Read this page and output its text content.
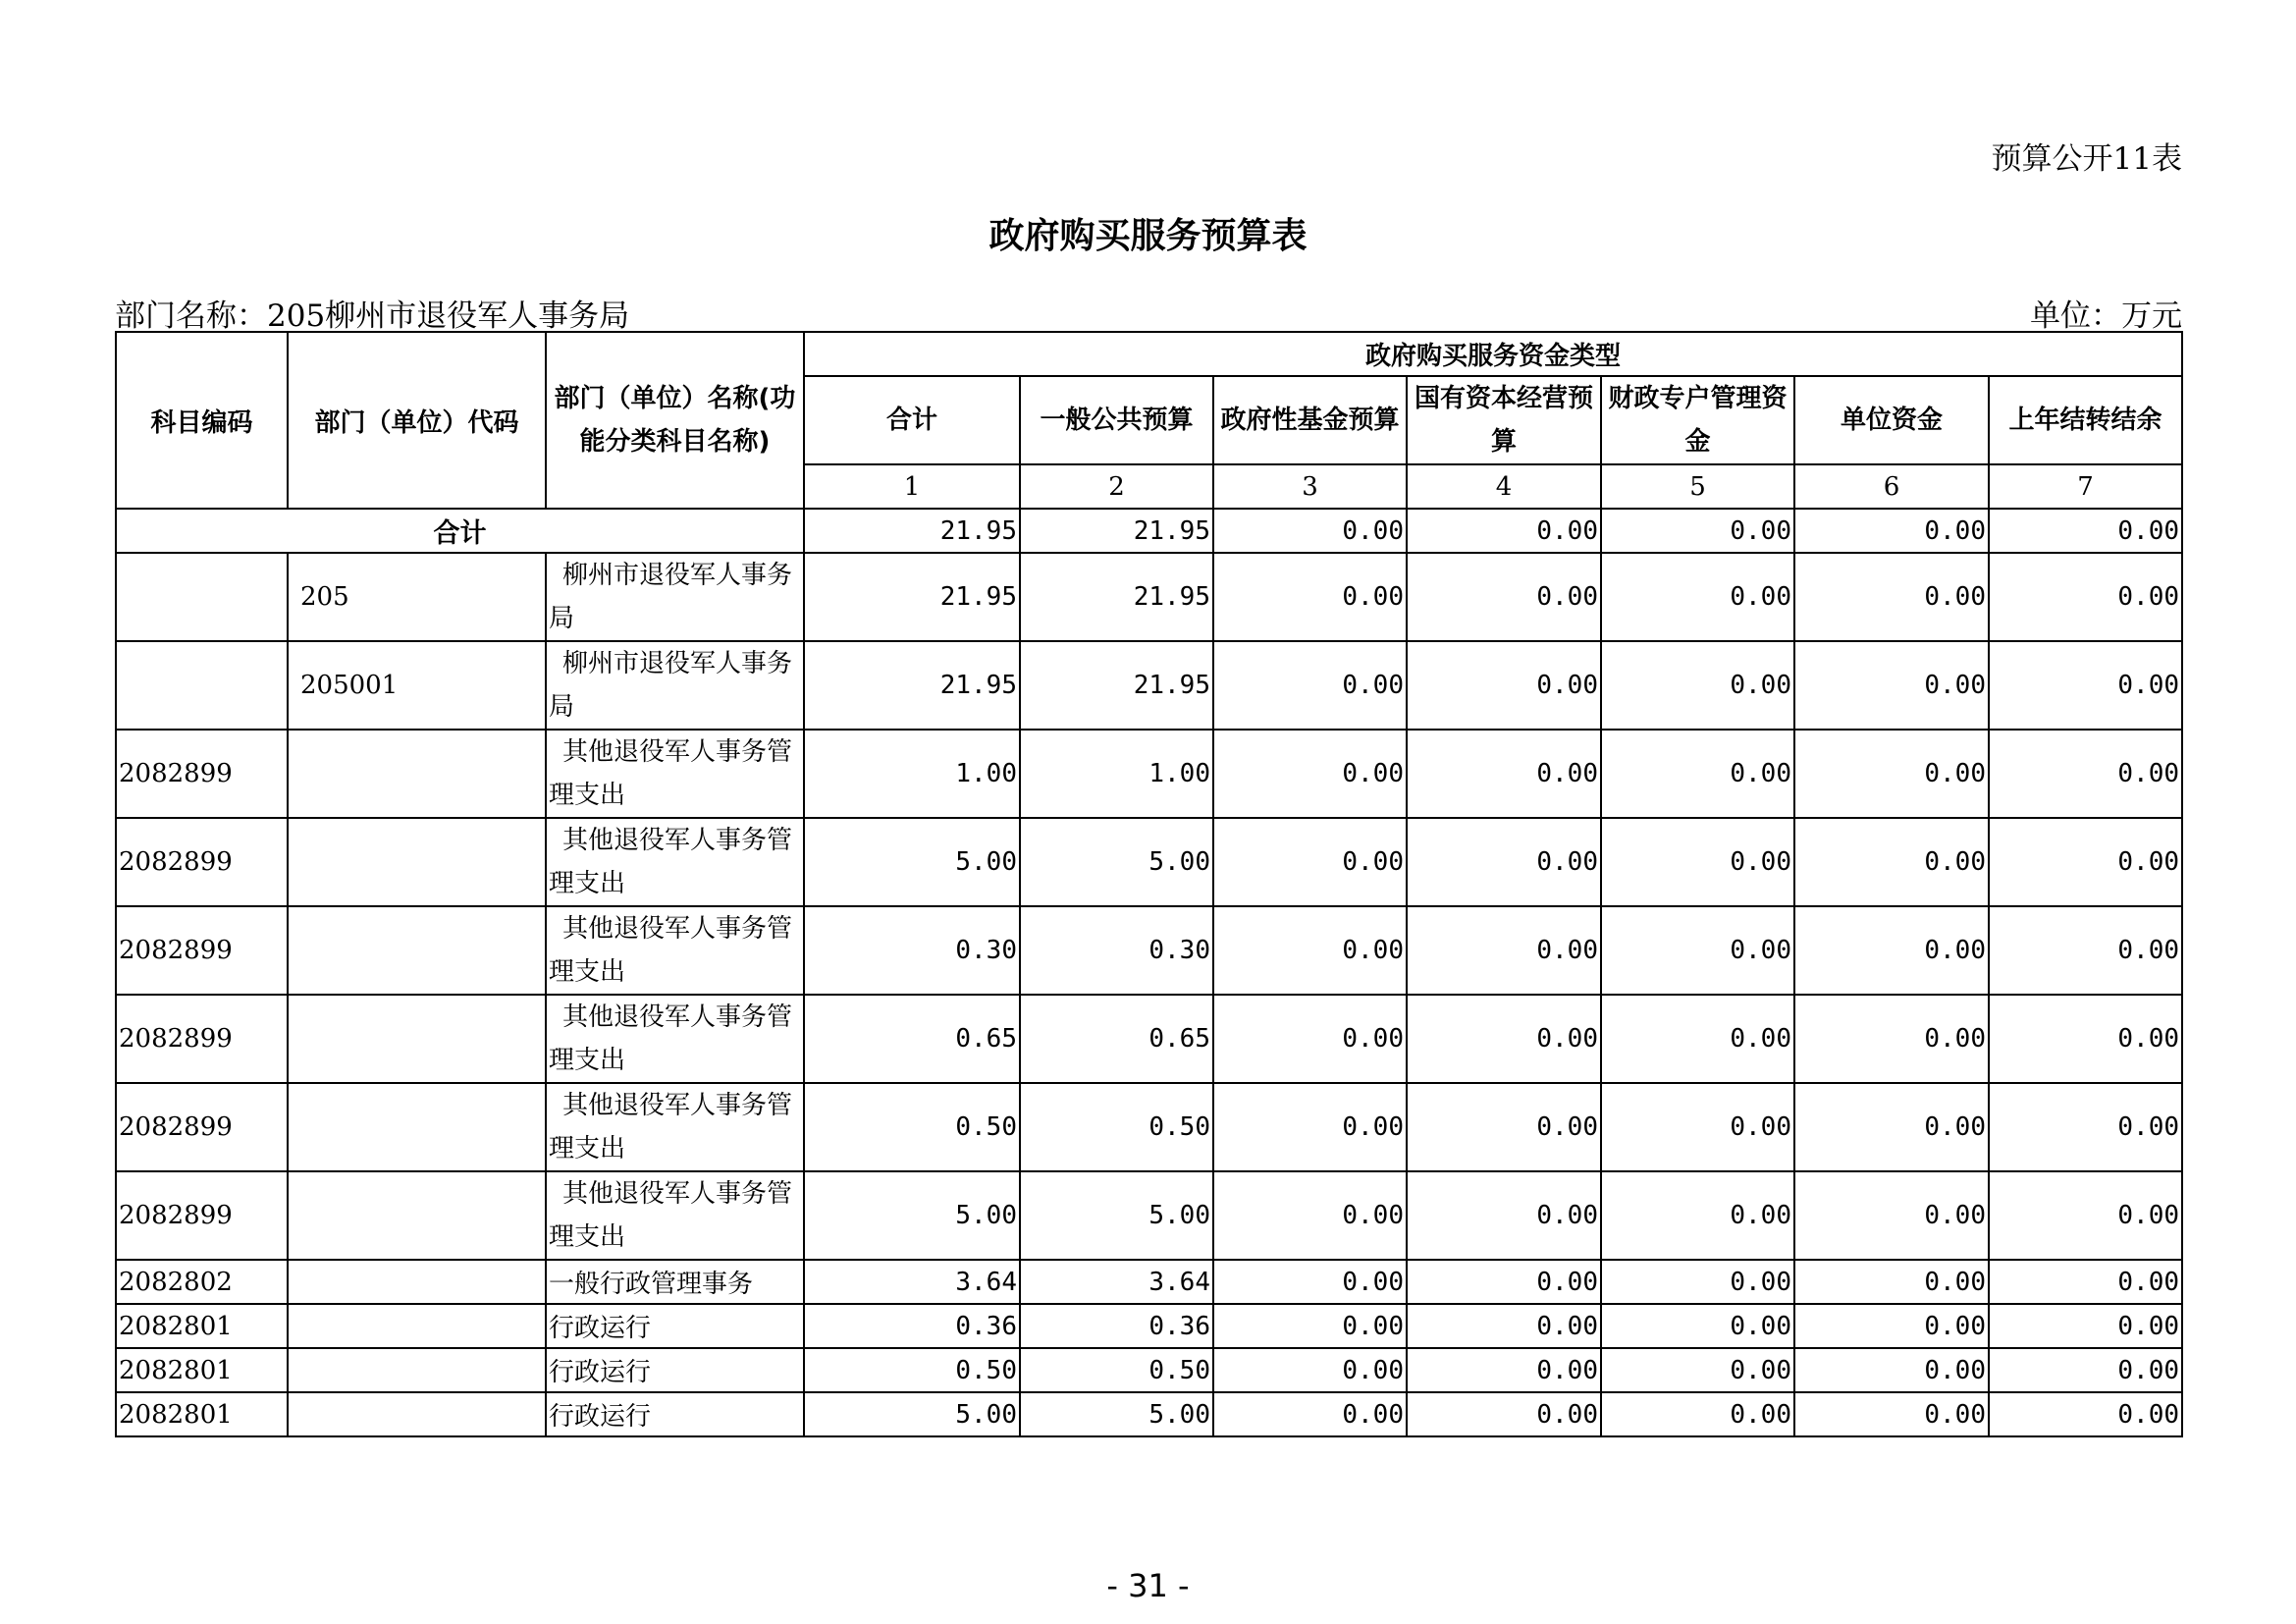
预算公开11表
政府购买服务预算表
部门名称：205柳州市退役军人事务局	单位：万元
科目编码	部门（单位）代码	部门（单位）名称(功能分类科目名称)	政府购买服务资金类型						
			合计	一般公共预算	政府性基金预算	国有资本经营预算	财政专户管理资金	单位资金	上年结转结余
			1	2	3	4	5	6	7
合计			21.95	21.95	0.00	0.00	0.00	0.00	0.00
	205	柳州市退役军人事务局	21.95	21.95	0.00	0.00	0.00	0.00	0.00
	205001	柳州市退役军人事务局	21.95	21.95	0.00	0.00	0.00	0.00	0.00
2082899		其他退役军人事务管理支出	1.00	1.00	0.00	0.00	0.00	0.00	0.00
2082899		其他退役军人事务管理支出	5.00	5.00	0.00	0.00	0.00	0.00	0.00
2082899		其他退役军人事务管理支出	0.30	0.30	0.00	0.00	0.00	0.00	0.00
2082899		其他退役军人事务管理支出	0.65	0.65	0.00	0.00	0.00	0.00	0.00
2082899		其他退役军人事务管理支出	0.50	0.50	0.00	0.00	0.00	0.00	0.00
2082899		其他退役军人事务管理支出	5.00	5.00	0.00	0.00	0.00	0.00	0.00
2082802		一般行政管理事务	3.64	3.64	0.00	0.00	0.00	0.00	0.00
2082801		行政运行	0.36	0.36	0.00	0.00	0.00	0.00	0.00
2082801		行政运行	0.50	0.50	0.00	0.00	0.00	0.00	0.00
2082801		行政运行	5.00	5.00	0.00	0.00	0.00	0.00	0.00
- 31 -
